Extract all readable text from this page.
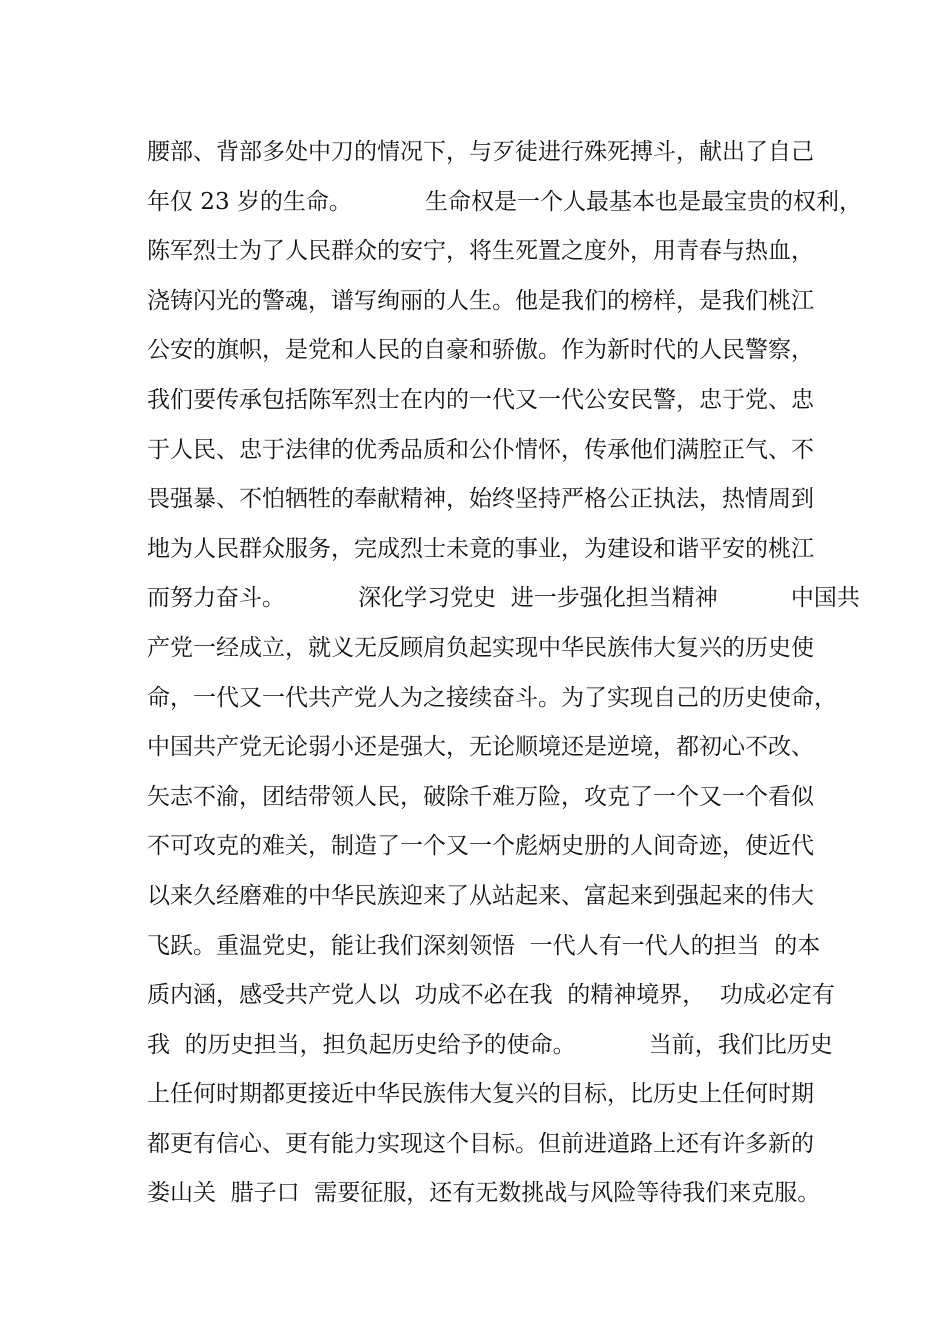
腰部、背部多处中刀的情况下，与歹徒进行殊死搏斗，献出了自己
年仅 23 岁的生命。          生命权是一个人最基本也是最宝贵的权利，
陈军烈士为了人民群众的安宁，将生死置之度外，用青春与热血，
浇铸闪光的警魂，谱写绚丽的人生。他是我们的榜样，是我们桃江
公安的旗帜，是党和人民的自豪和骄傲。作为新时代的人民警察，
我们要传承包括陈军烈士在内的一代又一代公安民警，忠于党、忠
于人民、忠于法律的优秀品质和公仆情怀，传承他们满腔正气、不
畏强暴、不怕牺牲的奉献精神，始终坚持严格公正执法，热情周到
地为人民群众服务，完成烈士未竟的事业，为建设和谐平安的桃江
而努力奋斗。          深化学习党史  进一步强化担当精神          中国共
产党一经成立，就义无反顾肩负起实现中华民族伟大复兴的历史使
命，一代又一代共产党人为之接续奋斗。为了实现自己的历史使命，
中国共产党无论弱小还是强大，无论顺境还是逆境，都初心不改、
矢志不渝，团结带领人民，破除千难万险，攻克了一个又一个看似
不可攻克的难关，制造了一个又一个彪炳史册的人间奇迹，使近代
以来久经磨难的中华民族迎来了从站起来、富起来到强起来的伟大
飞跃。重温党史，能让我们深刻领悟  一代人有一代人的担当  的本
质内涵，感受共产党人以  功成不必在我  的精神境界，  功成必定有
我  的历史担当，担负起历史给予的使命。          当前，我们比历史
上任何时期都更接近中华民族伟大复兴的目标，比历史上任何时期
都更有信心、更有能力实现这个目标。但前进道路上还有许多新的
娄山关  腊子口  需要征服，还有无数挑战与风险等待我们来克服。
